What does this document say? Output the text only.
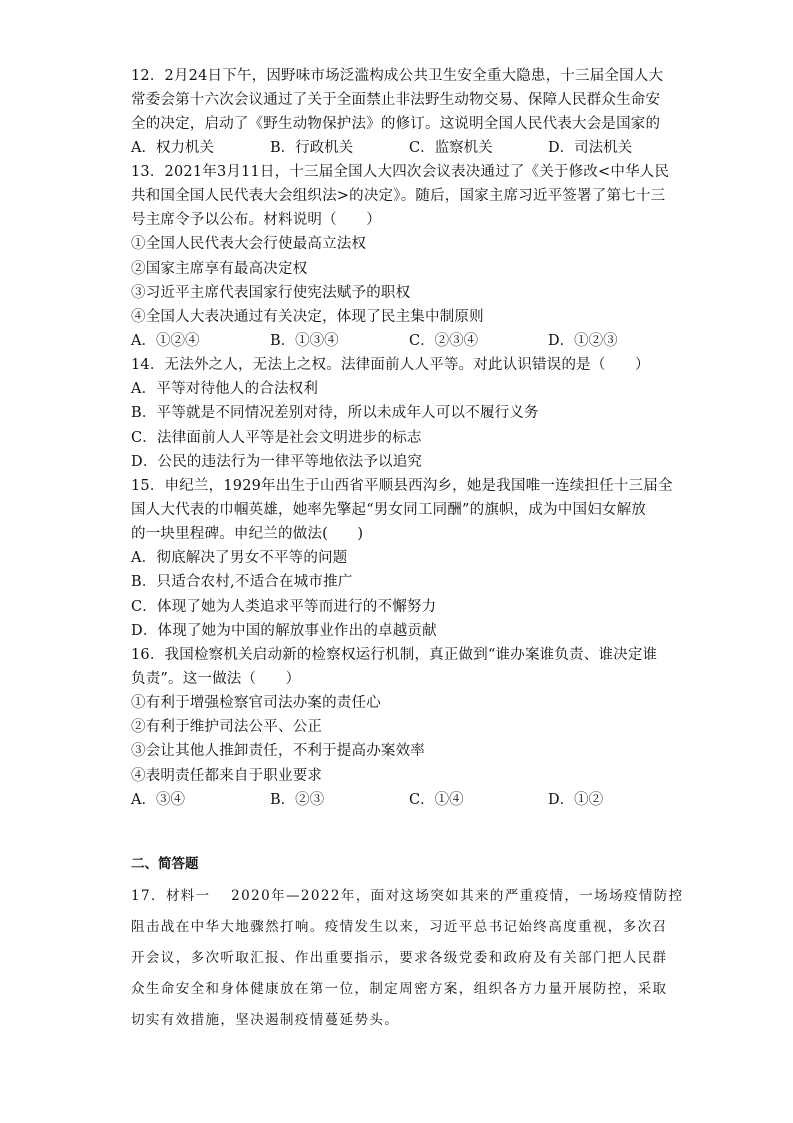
12．2月24日下午，因野味市场泛滥构成公共卫生安全重大隐患，十三届全国人大
常委会第十六次会议通过了关于全面禁止非法野生动物交易、保障人民群众生命安
全的决定，启动了《野生动物保护法》的修订。这说明全国人民代表大会是国家的
A．权力机关	B．行政机关	C．监察机关	D．司法机关
13．2021年3月11日，十三届全国人大四次会议表决通过了《关于修改<中华人民
共和国全国人民代表大会组织法>的决定》。随后，国家主席习近平签署了第七十三
号主席令予以公布。材料说明（　　）
①全国人民代表大会行使最高立法权
②国家主席享有最高决定权
③习近平主席代表国家行使宪法赋予的职权
④全国人大表决通过有关决定，体现了民主集中制原则
A．①②④	B．①③④	C．②③④	D．①②③
14．无法外之人，无法上之权。法律面前人人平等。对此认识错误的是（　　）
A．平等对待他人的合法权利
B．平等就是不同情况差别对待，所以未成年人可以不履行义务
C．法律面前人人平等是社会文明进步的标志
D．公民的违法行为一律平等地依法予以追究
15．申纪兰，1929年出生于山西省平顺县西沟乡，她是我国唯一连续担任十三届全
国人大代表的巾帼英雄，她率先擎起“男女同工同酬”的旗帜，成为中国妇女解放
的一块里程碑。申纪兰的做法(　　)
A．彻底解决了男女不平等的问题
B．只适合农村,不适合在城市推广
C．体现了她为人类追求平等而进行的不懈努力
D．体现了她为中国的解放事业作出的卓越贡献
16．我国检察机关启动新的检察权运行机制，真正做到“谁办案谁负责、谁决定谁
负责”。这一做法（　　）
①有利于增强检察官司法办案的责任心
②有利于维护司法公平、公正
③会让其他人推卸责任，不利于提高办案效率
④表明责任都来自于职业要求
A．③④	B．②③	C．①④	D．①②
二、简答题
17．材料一　 2020年—2022年，面对这场突如其来的严重疫情，一场场疫情防控
阻击战在中华大地骤然打响。疫情发生以来，习近平总书记始终高度重视，多次召
开会议，多次听取汇报、作出重要指示，要求各级党委和政府及有关部门把人民群
众生命安全和身体健康放在第一位，制定周密方案，组织各方力量开展防控，采取
切实有效措施，坚决遏制疫情蔓延势头。
